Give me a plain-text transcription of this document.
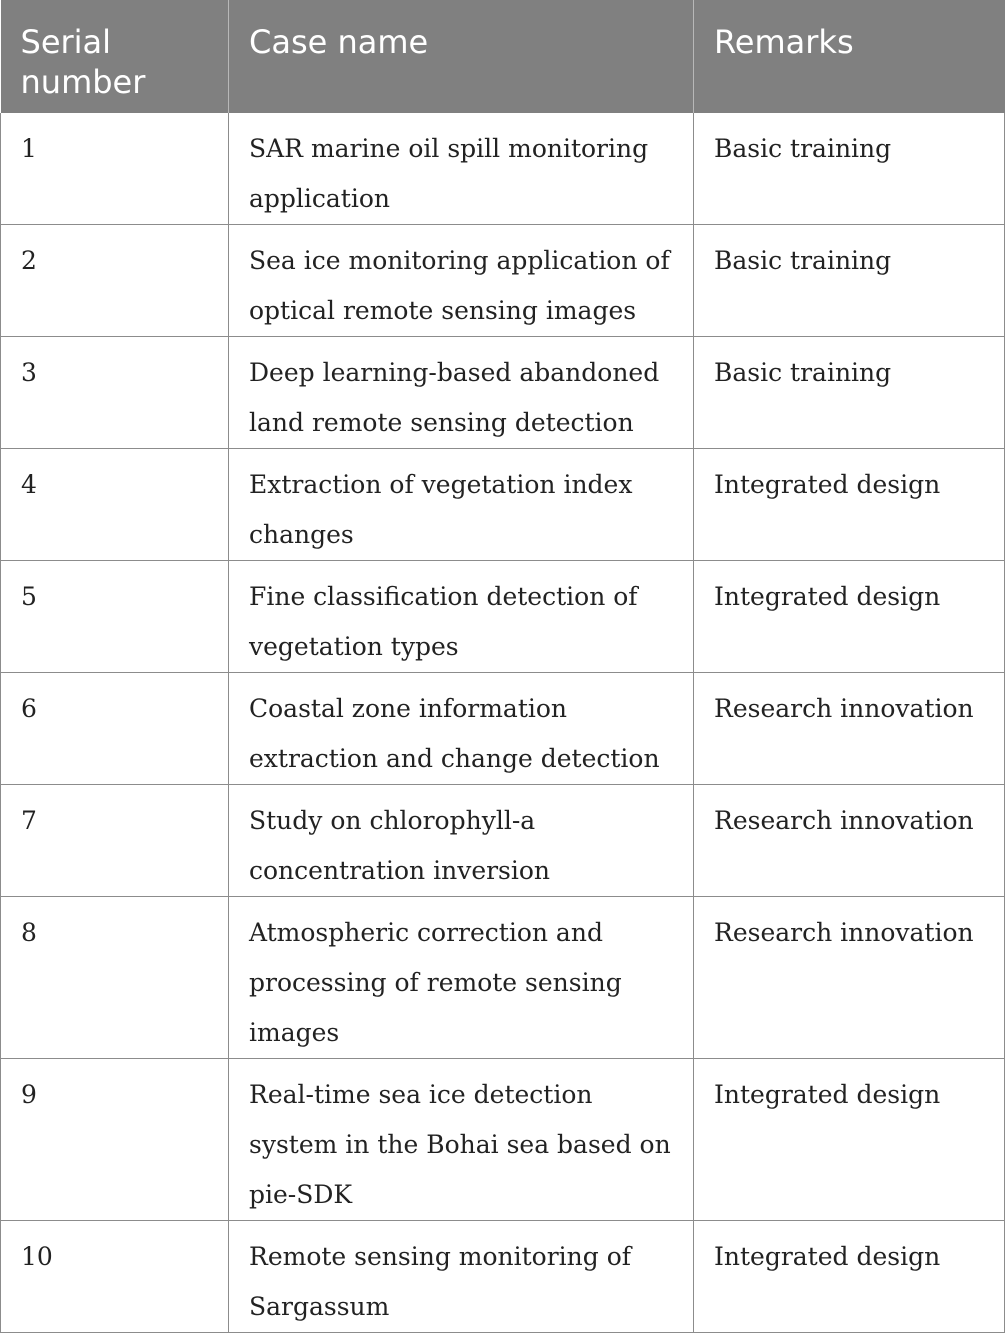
Serial number	Case name	Remarks
1	SAR marine oil spill monitoring application	Basic training
2	Sea ice monitoring application of optical remote sensing images	Basic training
3	Deep learning-based abandoned land remote sensing detection	Basic training
4	Extraction of vegetation index changes	Integrated design
5	Fine classification detection of vegetation types	Integrated design
6	Coastal zone information extraction and change detection	Research innovation
7	Study on chlorophyll-a concentration inversion	Research innovation
8	Atmospheric correction and processing of remote sensing images	Research innovation
9	Real-time sea ice detection system in the Bohai sea based on pie-SDK	Integrated design
10	Remote sensing monitoring of Sargassum	Integrated design
